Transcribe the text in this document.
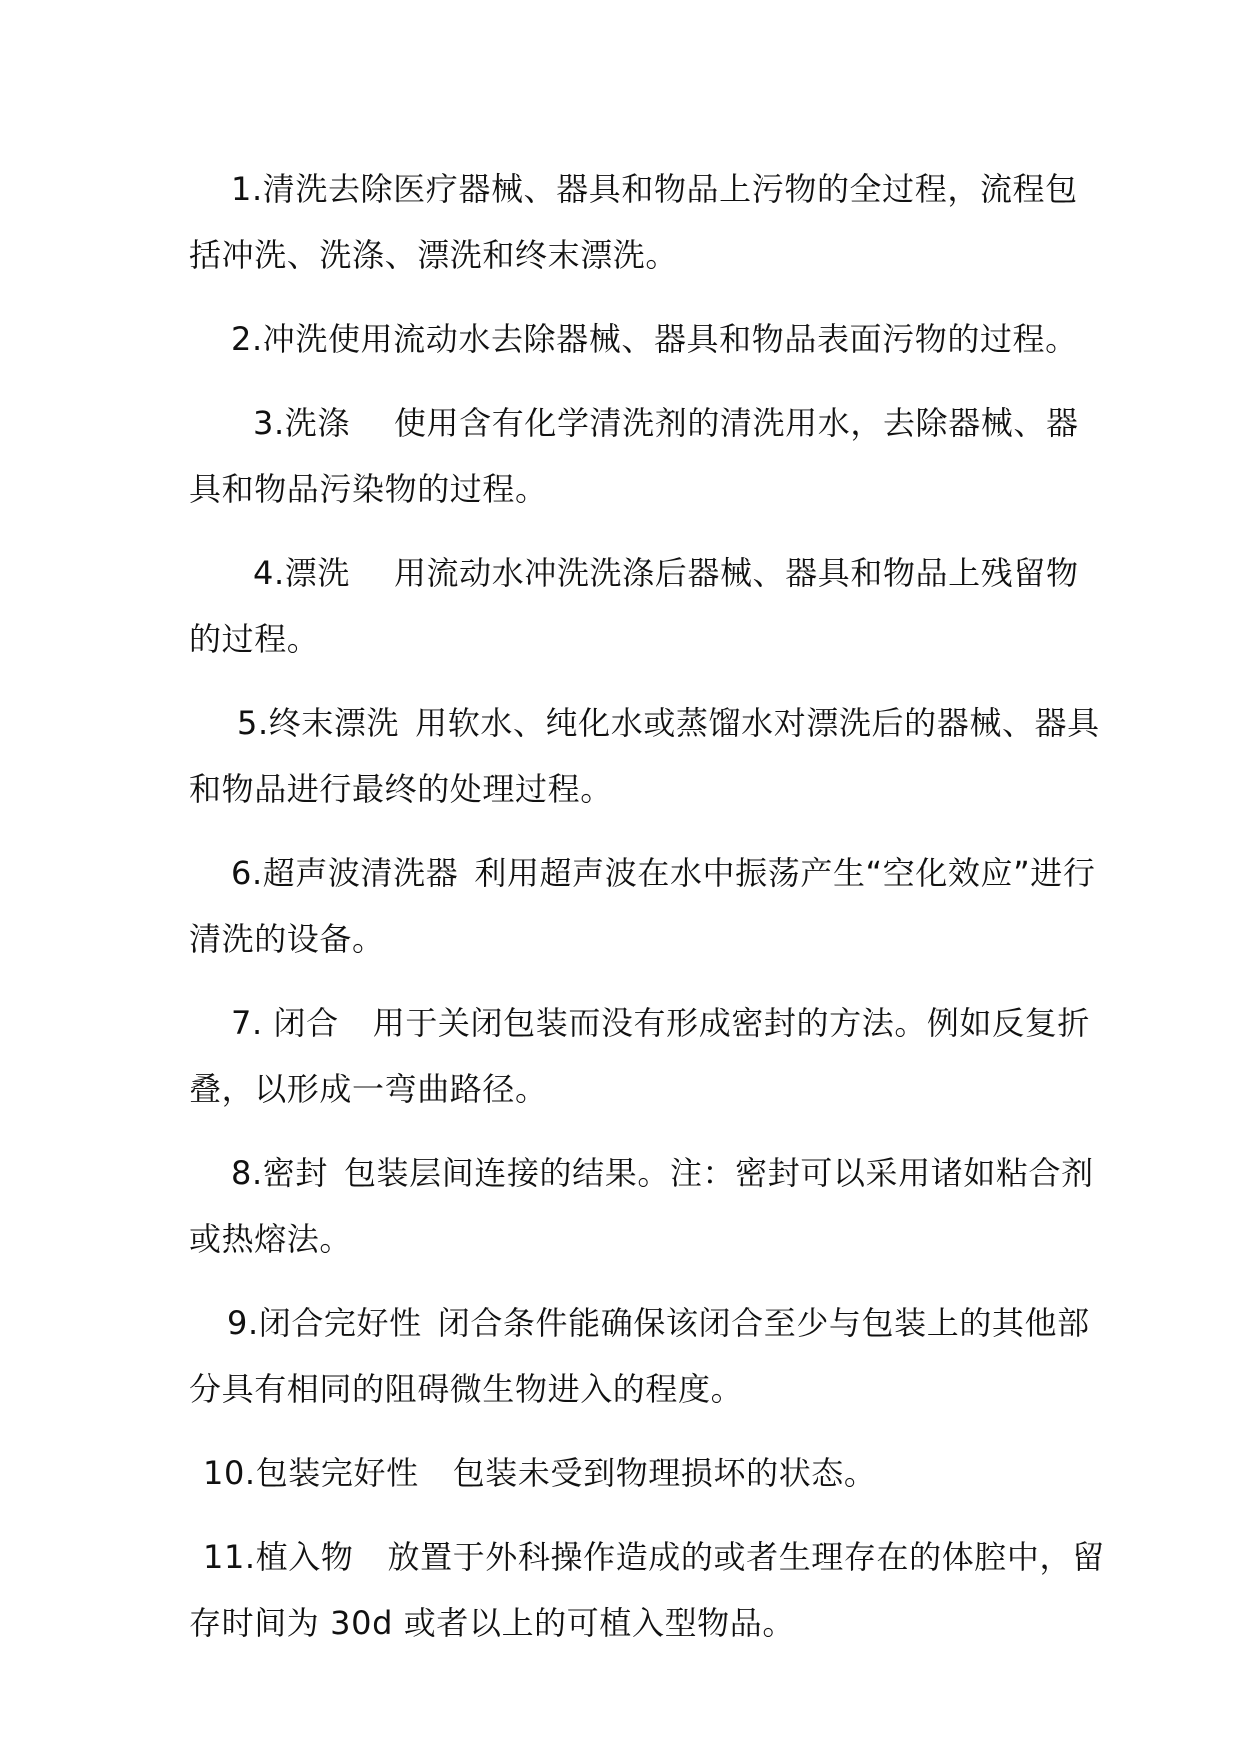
1.清洗去除医疗器械、器具和物品上污物的全过程，流程包括冲洗、洗涤、漂洗和终末漂洗。

2.冲洗使用流动水去除器械、器具和物品表面污物的过程。

3.洗涤 使用含有化学清洗剂的清洗用水，去除器械、器具和物品污染物的过程。

4.漂洗 用流动水冲洗洗涤后器械、器具和物品上残留物的过程。

5.终末漂洗 用软水、纯化水或蒸馏水对漂洗后的器械、器具和物品进行最终的处理过程。

6.超声波清洗器 利用超声波在水中振荡产生“空化效应”进行清洗的设备。

7. 闭合 用于关闭包装而没有形成密封的方法。例如反复折叠，以形成一弯曲路径。

8.密封 包装层间连接的结果。注：密封可以采用诸如粘合剂或热熔法。

9.闭合完好性 闭合条件能确保该闭合至少与包装上的其他部分具有相同的阻碍微生物进入的程度。

10.包装完好性 包装未受到物理损坏的状态。

11.植入物 放置于外科操作造成的或者生理存在的体腔中，留存时间为 30d 或者以上的可植入型物品。
